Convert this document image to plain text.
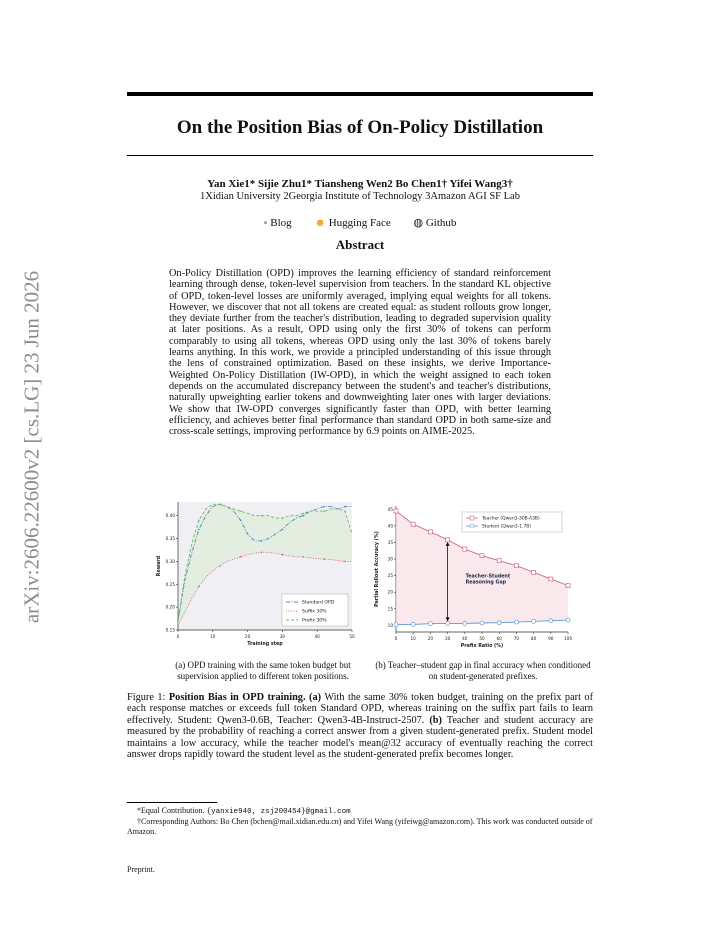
arXiv:2606.22600v2 [cs.LG] 23 Jun 2026
On the Position Bias of On-Policy Distillation
Yan Xie1* Sijie Zhu1* Tiansheng Wen2 Bo Chen1† Yifei Wang3†
1Xidian University 2Georgia Institute of Technology 3Amazon AGI SF Lab
▪ Blog ☻ Hugging Face ◍ Github
Abstract
On-Policy Distillation (OPD) improves the learning efficiency of standard reinforcement learning through dense, token-level supervision from teachers. In the standard KL objective of OPD, token-level losses are uniformly averaged, implying equal weights for all tokens. However, we discover that not all tokens are created equal: as student rollouts grow longer, they deviate further from the teacher's distribution, leading to degraded supervision quality at later positions. As a result, OPD using only the first 30% of tokens can perform comparably to using all tokens, whereas OPD using only the last 30% of tokens barely learns anything. In this work, we provide a principled understanding of this issue through the lens of constrained optimization. Based on these insights, we derive Importance-Weighted On-Policy Distillation (IW-OPD), in which the weight assigned to each token depends on the accumulated discrepancy between the student's and teacher's distributions, naturally upweighting earlier tokens and downweighting later ones with larger deviations. We show that IW-OPD converges significantly faster than OPD, with better learning efficiency, and achieves better final performance than standard OPD in both same-size and cross-scale settings, improving performance by 6.9 points on AIME-2025.
0	10	20	30	40	50
0.15
0.20
0.25
0.30
0.35
0.40
Training step
Reward
Standard OPD
Suffix 30%
Prefix 30%
0	10	20	30	40	50	60	70	80	90	100
10
15
20
25
30
35
40
45
Prefix Ratio (%)
Partial Rollout Accuracy (%)	Teacher-Student
Reasoning Gap
Teacher (Qwen3-30B-A3B)
Student (Qwen3-1.7B)
(a) OPD training with the same token budget but supervision applied to different token positions.
(b) Teacher–student gap in final accuracy when conditioned on student-generated prefixes.
Figure 1: Position Bias in OPD training. (a) With the same 30% token budget, training on the prefix part of each response matches or exceeds full token Standard OPD, whereas training on the suffix part fails to learn effectively. Student: Qwen3-0.6B, Teacher: Qwen3-4B-Instruct-2507. (b) Teacher and student accuracy are measured by the probability of reaching a correct answer from a given student-generated prefix. Student model maintains a low accuracy, while the teacher model's mean@32 accuracy of eventually reaching the correct answer drops rapidly toward the student level as the student-generated prefix becomes longer.
*Equal Contribution. {yanxie940, zsj200454}@gmail.com
†Corresponding Authors: Bo Chen (bchen@mail.xidian.edu.cn) and Yifei Wang (yifeiwg@amazon.com). This work was conducted outside of Amazon.
Preprint.
